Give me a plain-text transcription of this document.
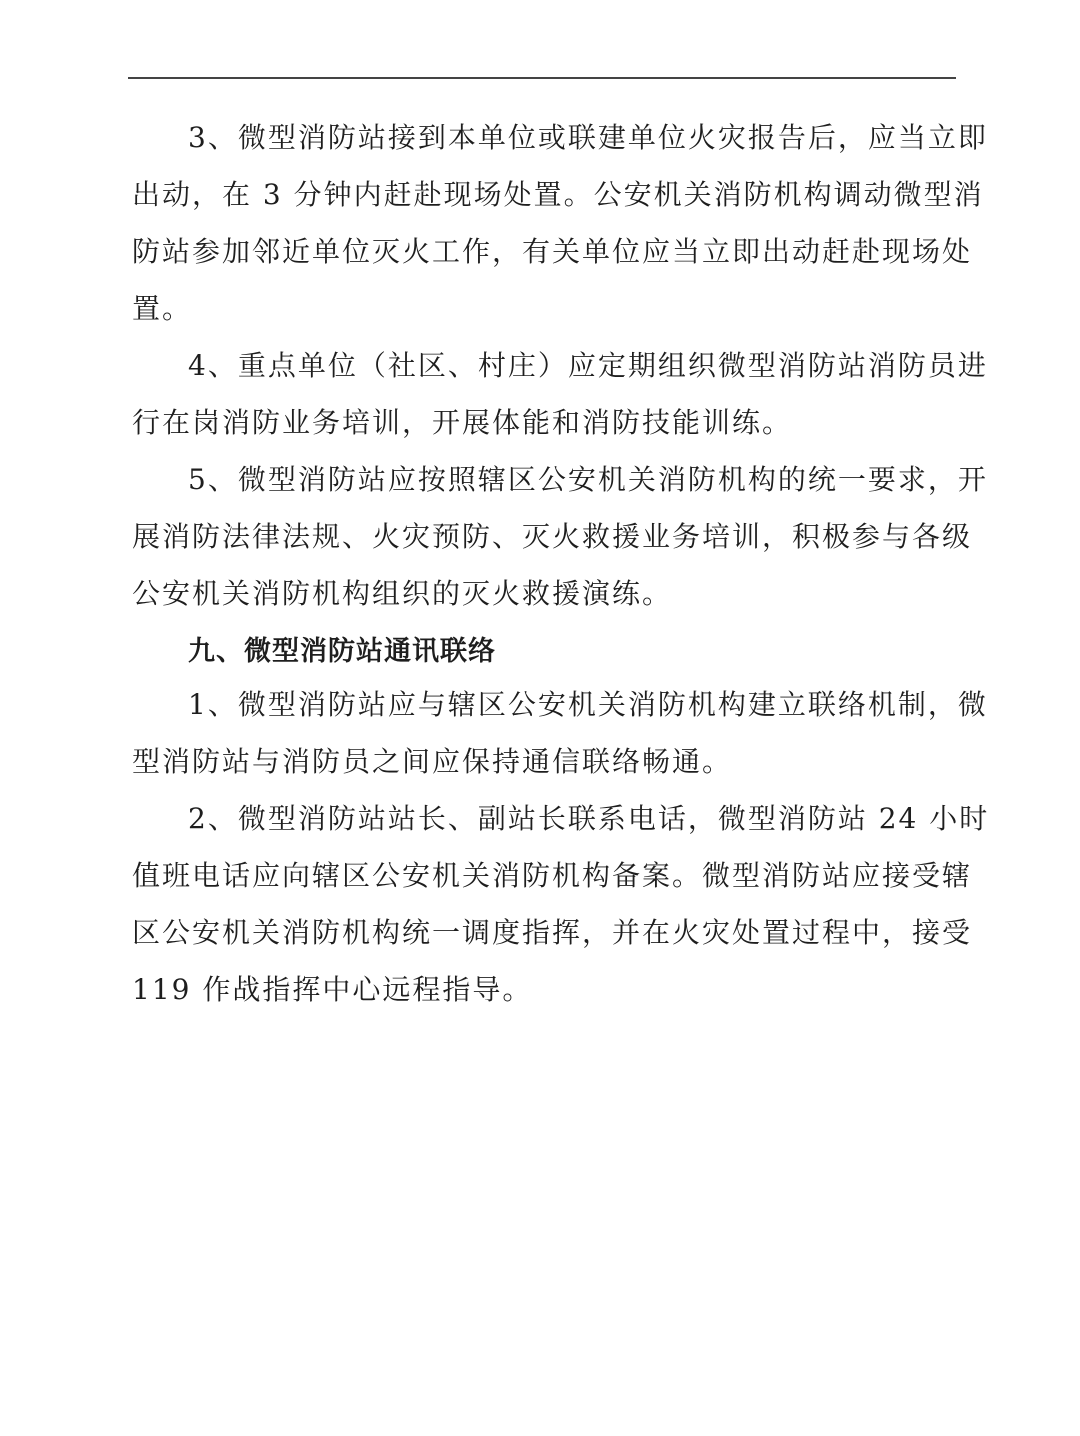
3、微型消防站接到本单位或联建单位火灾报告后，应当立即
出动，在 3 分钟内赶赴现场处置。公安机关消防机构调动微型消
防站参加邻近单位灭火工作，有关单位应当立即出动赶赴现场处
置。
4、重点单位（社区、村庄）应定期组织微型消防站消防员进
行在岗消防业务培训，开展体能和消防技能训练。
5、微型消防站应按照辖区公安机关消防机构的统一要求，开
展消防法律法规、火灾预防、灭火救援业务培训，积极参与各级
公安机关消防机构组织的灭火救援演练。
九、微型消防站通讯联络
1、微型消防站应与辖区公安机关消防机构建立联络机制，微
型消防站与消防员之间应保持通信联络畅通。
2、微型消防站站长、副站长联系电话，微型消防站 24 小时
值班电话应向辖区公安机关消防机构备案。微型消防站应接受辖
区公安机关消防机构统一调度指挥，并在火灾处置过程中，接受
119 作战指挥中心远程指导。
